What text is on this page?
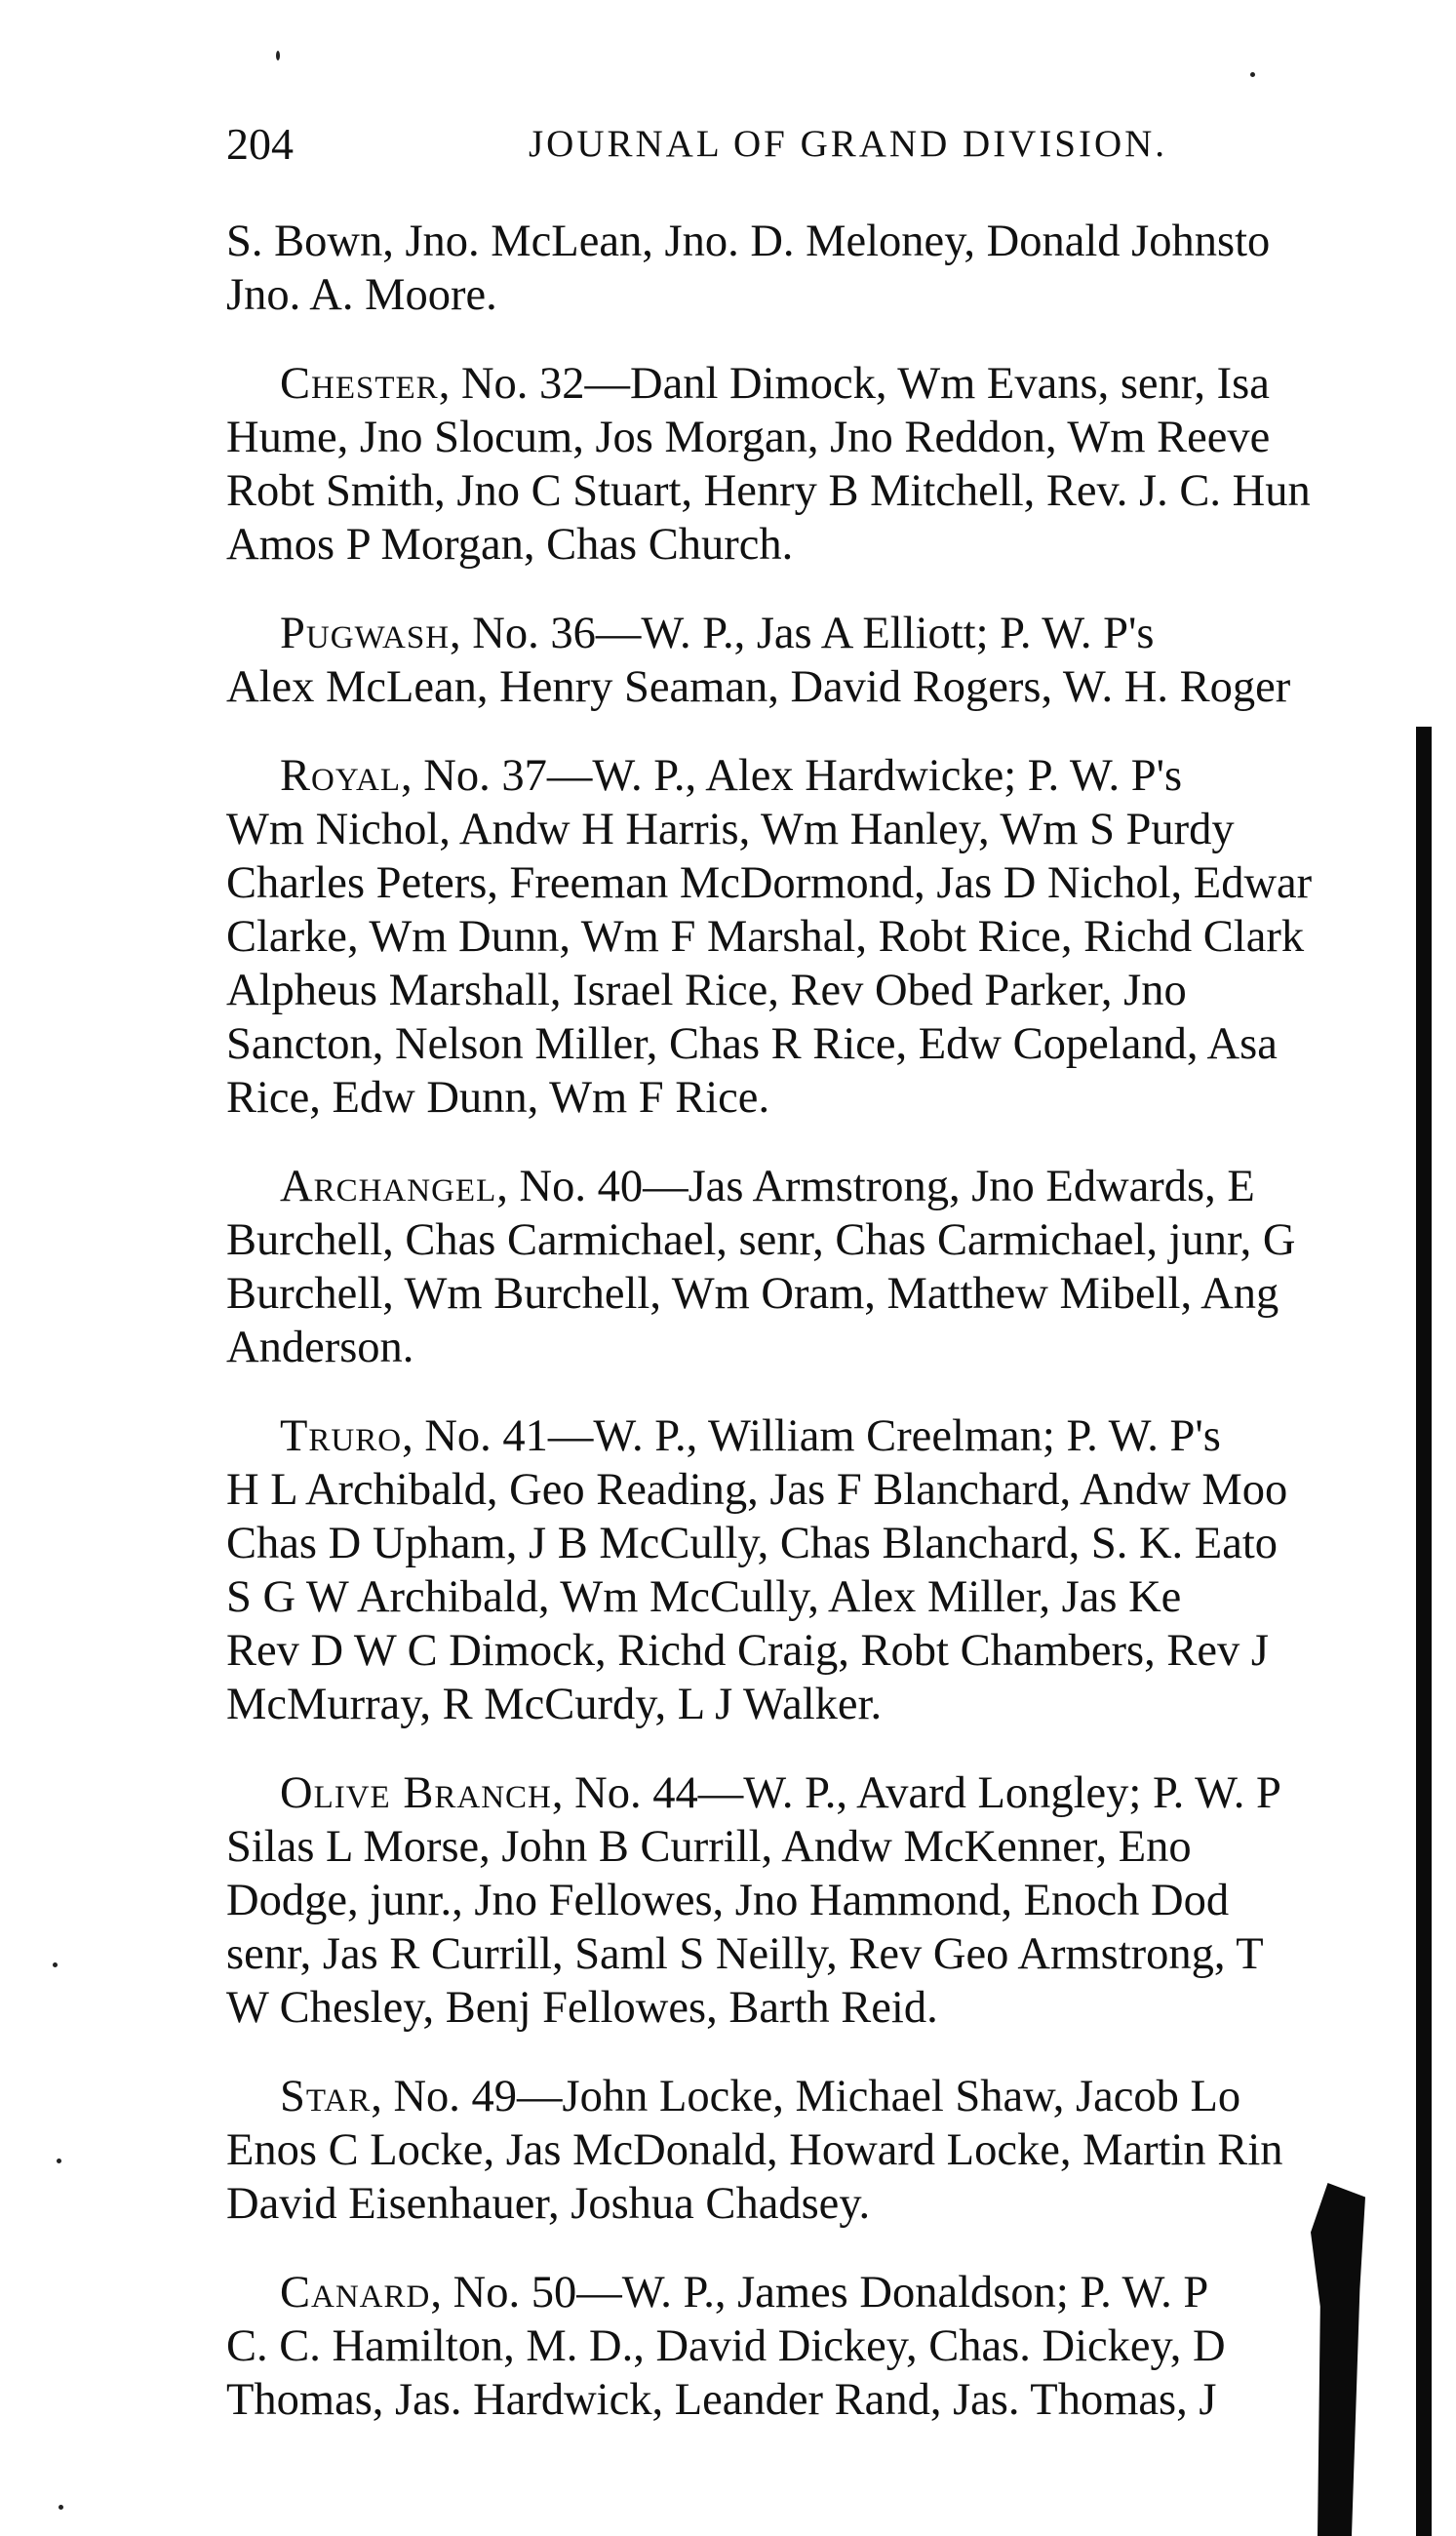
204	JOURNAL OF GRAND DIVISION.

S. Bown, Jno. McLean, Jno. D. Meloney, Donald Johnsto
Jno. A. Moore.

Chester, No. 32—Danl Dimock, Wm Evans, senr, Isa
Hume, Jno Slocum, Jos Morgan, Jno Reddon, Wm Reeve
Robt Smith, Jno C Stuart, Henry B Mitchell, Rev. J. C. Hun
Amos P Morgan, Chas Church.

Pugwash, No. 36—W. P., Jas A Elliott; P. W. P's
Alex McLean, Henry Seaman, David Rogers, W. H. Roger

Royal, No. 37—W. P., Alex Hardwicke; P. W. P's
Wm Nichol, Andw H Harris, Wm Hanley, Wm S Purdy
Charles Peters, Freeman McDormond, Jas D Nichol, Edwar
Clarke, Wm Dunn, Wm F Marshal, Robt Rice, Richd Clark
Alpheus Marshall, Israel Rice, Rev Obed Parker, Jno
Sancton, Nelson Miller, Chas R Rice, Edw Copeland, Asa
Rice, Edw Dunn, Wm F Rice.

Archangel, No. 40—Jas Armstrong, Jno Edwards, E
Burchell, Chas Carmichael, senr, Chas Carmichael, junr, G
Burchell, Wm Burchell, Wm Oram, Matthew Mibell, Ang
Anderson.

Truro, No. 41—W. P., William Creelman; P. W. P's
H L Archibald, Geo Reading, Jas F Blanchard, Andw Moo
Chas D Upham, J B McCully, Chas Blanchard, S. K. Eato
S G W Archibald, Wm McCully, Alex Miller, Jas Ke
Rev D W C Dimock, Richd Craig, Robt Chambers, Rev J
McMurray, R McCurdy, L J Walker.

Olive Branch, No. 44—W. P., Avard Longley; P. W. P
Silas L Morse, John B Currill, Andw McKenner, Eno
Dodge, junr., Jno Fellowes, Jno Hammond, Enoch Dod
senr, Jas R Currill, Saml S Neilly, Rev Geo Armstrong, T
W Chesley, Benj Fellowes, Barth Reid.

Star, No. 49—John Locke, Michael Shaw, Jacob Lo
Enos C Locke, Jas McDonald, Howard Locke, Martin Rin
David Eisenhauer, Joshua Chadsey.

Canard, No. 50—W. P., James Donaldson; P. W. P
C. C. Hamilton, M. D., David Dickey, Chas. Dickey, D
Thomas, Jas. Hardwick, Leander Rand, Jas. Thomas, J
